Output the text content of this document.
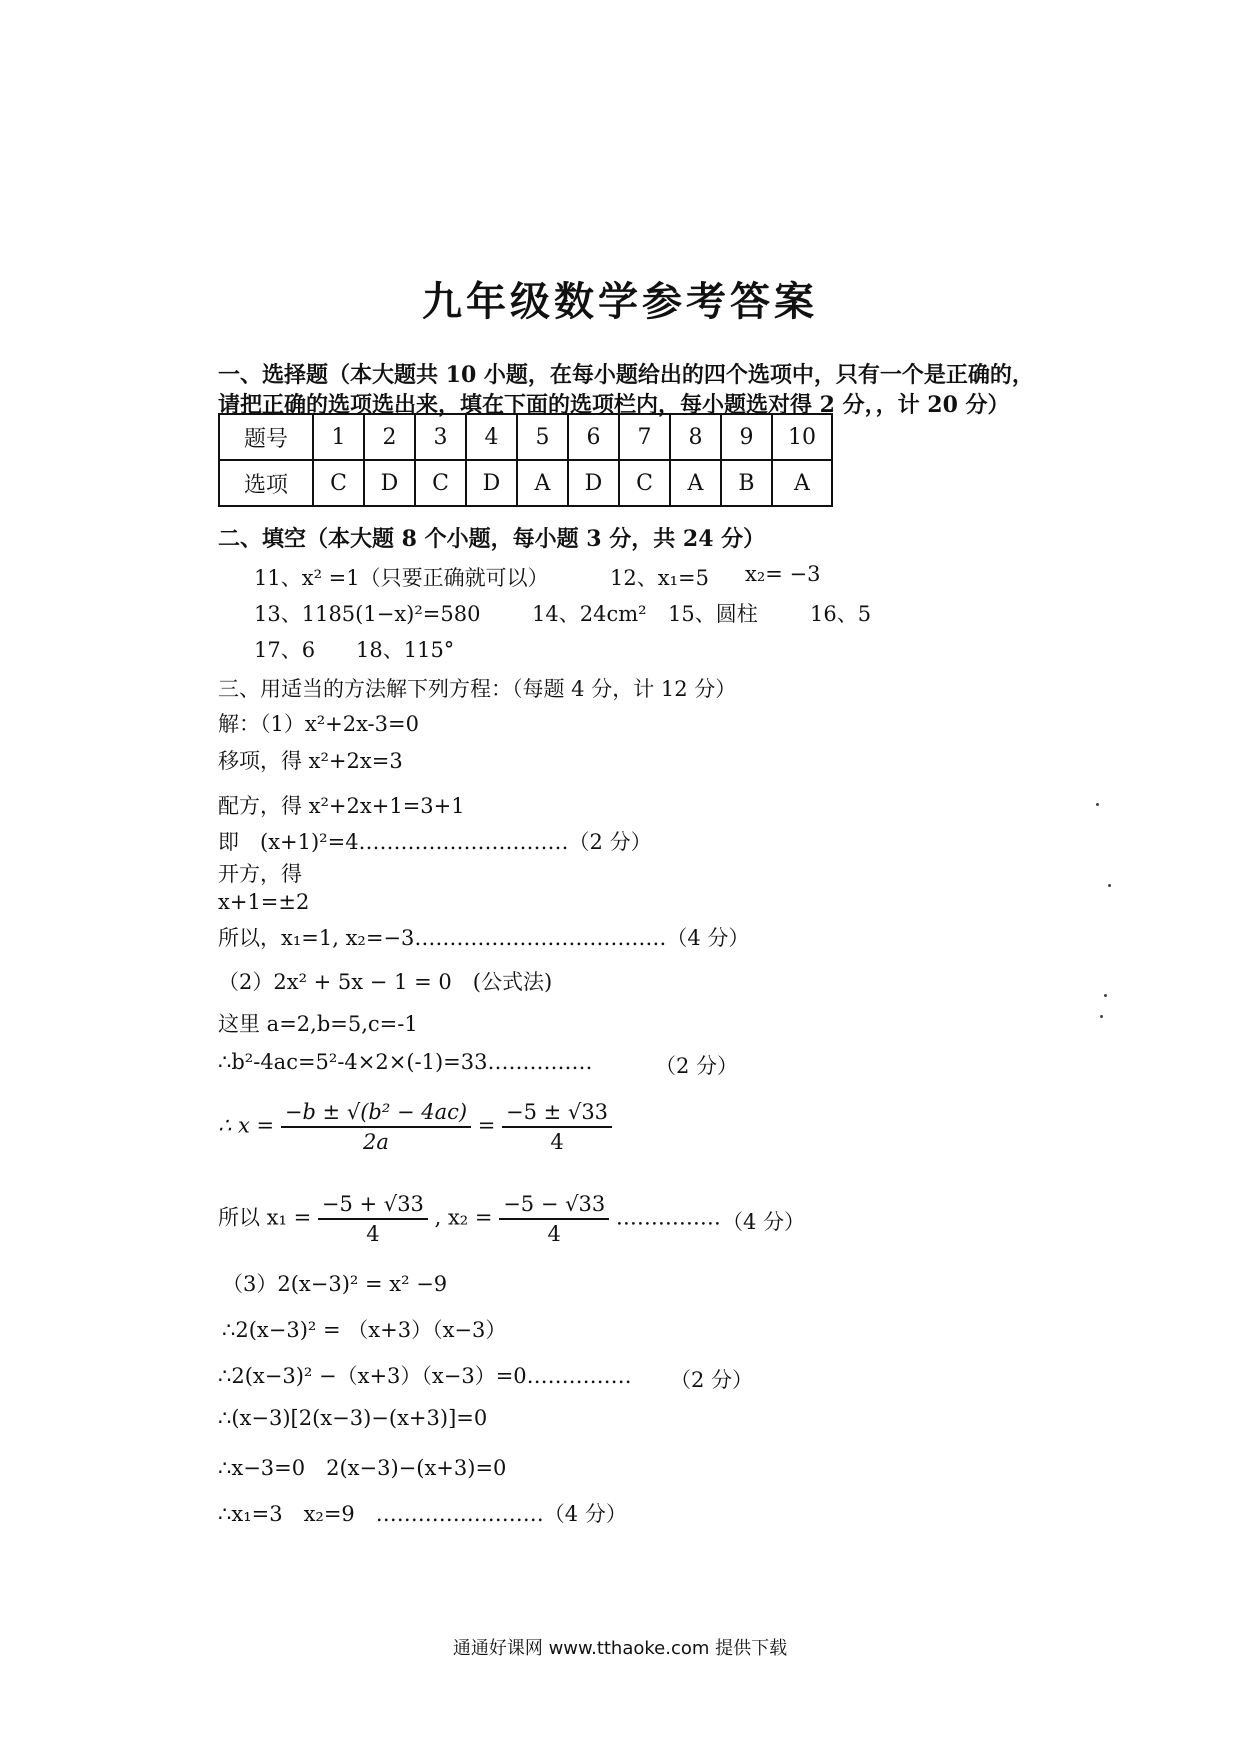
九年级数学参考答案
一、选择题（本大题共 10 小题，在每小题给出的四个选项中，只有一个是正确的，
请把正确的选项选出来，填在下面的选项栏内，每小题选对得 2 分，，计 20 分）
题号	1	2	3	4	5	6	7	8	9	10
选项	C	D	C	D	A	D	C	A	B	A
二、填空（本大题 8 个小题，每小题 3 分，共 24 分）
11、x² =1（只要正确就可以）	12、x₁=5 x₂= −3
13、1185(1−x)²=580 14、24cm² 15、圆柱 16、5
17、6 18、115°
三、用适当的方法解下列方程：（每题 4 分，计 12 分）
解：（1）x²+2x-3=0
移项，得 x²+2x=3
配方，得 x²+2x+1=3+1
即　(x+1)²=4…………………………（2 分）
开方，得
x+1=±2
所以，x₁=1, x₂=−3………………………………（4 分）
（2）2x² + 5x − 1 = 0　(公式法)
这里 a=2,b=5,c=-1
∴b²-4ac=5²-4×2×(-1)=33……………	（2 分）
∴ $x = \frac{\text{−b ± √(b² − 4ac)}}{2a} = \frac{-5 \pm √33}{4}$
所以 $x_1 = \frac{-5 + √33}{4}$ , $x_2 = \frac{-5 - √33}{4}$ …………… （4 分）
（3）2(x−3)² = x² −9
∴2(x−3)² = （x+3）（x−3）
∴2(x−3)² −（x+3）（x−3）=0…………… （2 分）
∴(x−3)[2(x−3)−(x+3)]=0
∴x−3=0　2(x−3)−(x+3)=0
∴x₁=3　x₂=9　……………………（4 分）
通通好课网 www.tthaoke.com 提供下载
